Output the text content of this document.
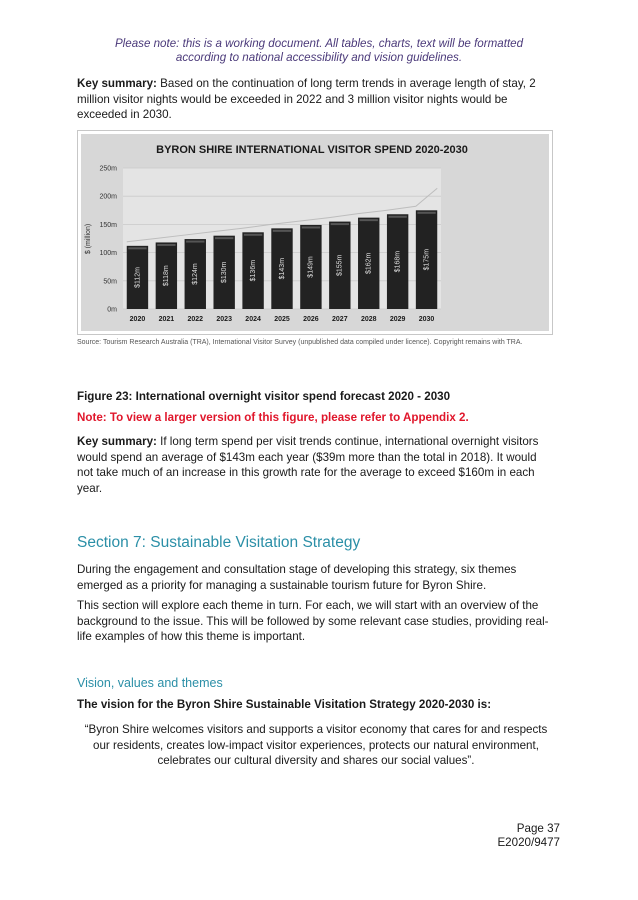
Please note: this is a working document. All tables, charts, text will be formatted
according to national accessibility and vision guidelines.

Key summary: Based on the continuation of long term trends in average length of stay, 2
million visitor nights would be exceeded in 2022 and 3 million visitor nights would be
exceeded in 2030.

BYRON SHIRE INTERNATIONAL VISITOR SPEND 2020-2030
0m
50m
100m
150m
200m
250m
$ (million)
$112m	$118m	$124m	$130m	$136m	$143m	$149m	$155m	$162m	$168m	$175m
2020 2021 2022 2023 2024 2025 2026 2027 2028 2029 2030
Source: Tourism Research Australia (TRA), International Visitor Survey (unpublished data compiled under licence). Copyright remains with TRA.
Figure 23: International overnight visitor spend forecast 2020 - 2030
Note: To view a larger version of this figure, please refer to Appendix 2.

Key summary: If long term spend per visit trends continue, international overnight visitors
would spend an average of $143m each year ($39m more than the total in 2018). It would
not take much of an increase in this growth rate for the average to exceed $160m in each
year.

Section 7: Sustainable Visitation Strategy

During the engagement and consultation stage of developing this strategy, six themes
emerged as a priority for managing a sustainable tourism future for Byron Shire.

This section will explore each theme in turn. For each, we will start with an overview of the
background to the issue. This will be followed by some relevant case studies, providing real-
life examples of how this theme is important.

Vision, values and themes
The vision for the Byron Shire Sustainable Visitation Strategy 2020-2030 is:
“Byron Shire welcomes visitors and supports a visitor economy that cares for and respects
our residents, creates low-impact visitor experiences, protects our natural environment,
celebrates our cultural diversity and shares our social values”.
Page 37
E2020/9477
